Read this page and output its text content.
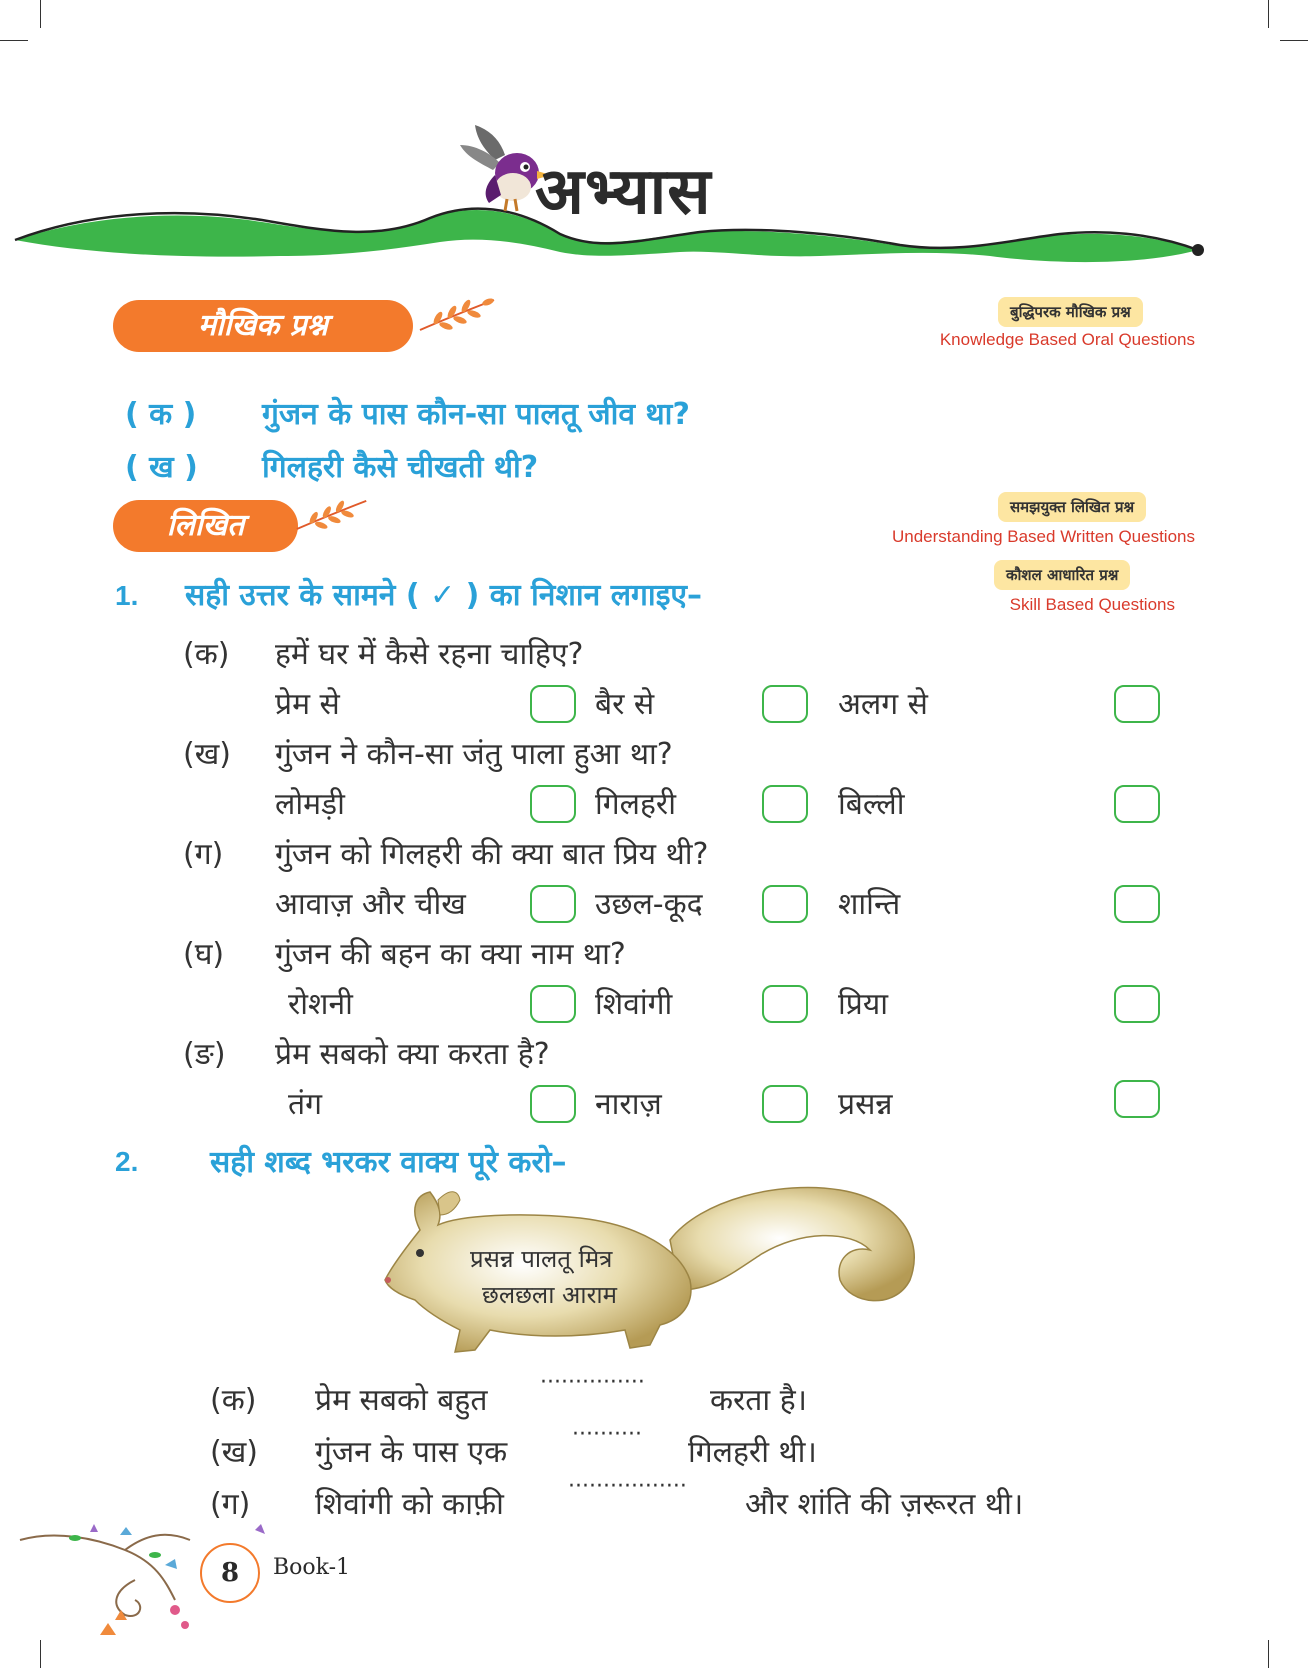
अभ्यास
मौखिक प्रश्न	बुद्धिपरक मौखिक प्रश्न
Knowledge Based Oral Questions
( क ) गुंजन के पास कौन-सा पालतू जीव था?
( ख ) गिलहरी कैसे चीखती थी?
लिखित
समझयुक्त लिखित प्रश्न
Understanding Based Written Questions
कौशल आधारित प्रश्न
Skill Based Questions
1. सही उत्तर के सामने ( ✓ ) का निशान लगाइए–
(क) हमें घर में कैसे रहना चाहिए?
प्रेम से	बैर से	अलग से
(ख) गुंजन ने कौन-सा जंतु पाला हुआ था?
लोमड़ी	गिलहरी	बिल्ली
(ग) गुंजन को गिलहरी की क्या बात प्रिय थी?
आवाज़ और चीख	उछल-कूद	शान्ति
(घ) गुंजन की बहन का क्या नाम था?
रोशनी	शिवांगी	प्रिया
(ङ) प्रेम सबको क्या करता है?
तंग	नाराज़	प्रसन्न
2. सही शब्द भरकर वाक्य पूरे करो–
प्रसन्न पालतू मित्र
छलछला आराम
(क) प्रेम सबको बहुत
···············
करता है।
(ख) गुंजन के पास एक
··········
गिलहरी थी।
(ग) शिवांगी को काफ़ी
·················
और शांति की ज़रूरत थी।
8	Book-1
